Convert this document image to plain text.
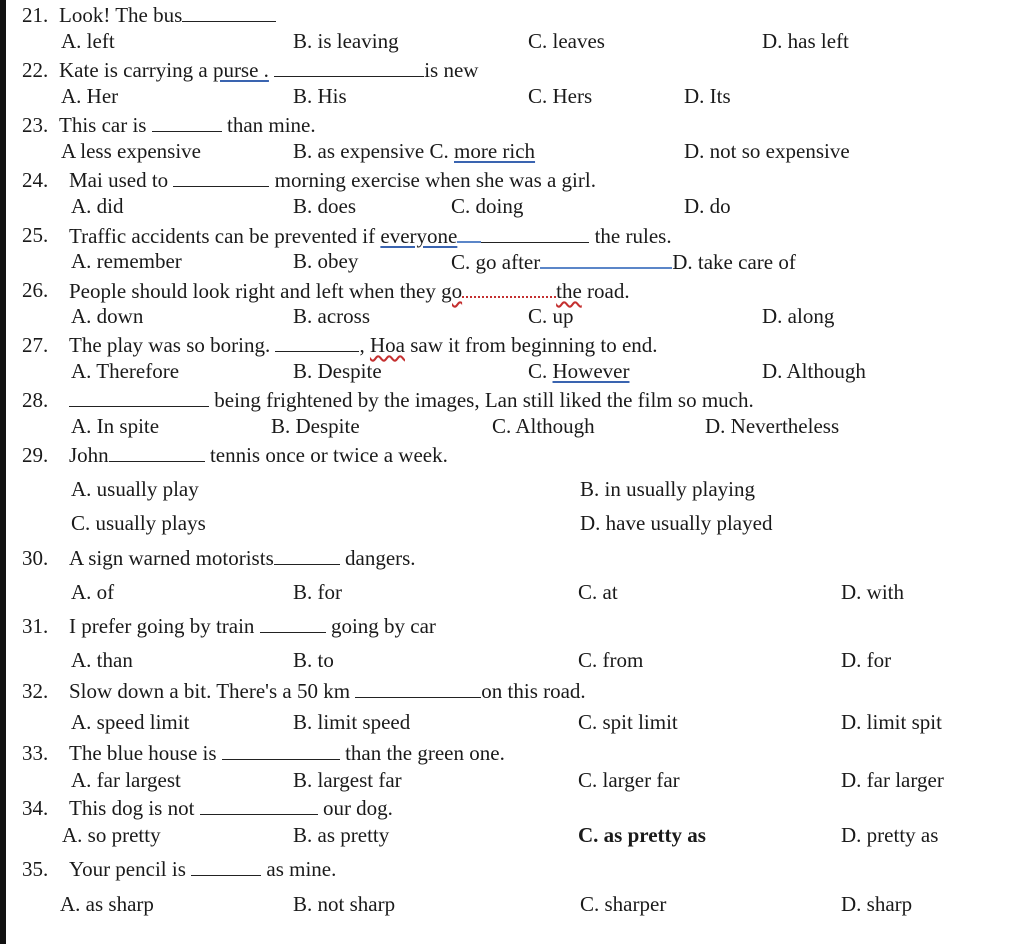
21. Look! The bus
A. left	B. is leaving	C. leaves	D. has left
22. Kate is carrying a purse .	is new
A. Her	B. His	C. Hers	D. Its
23. This car is	than mine.
A less expensive	B. as expensive C. more rich	D. not so expensive
24. Mai used to	morning exercise when she was a girl.
A. did	B. does	C. doing	D. do
25. Traffic accidents can be prevented if everyone	the rules.
A. remember	B. obey	C. go after	D. take care of
26. People should look right and left when they go	the road.
A. down	B. across	C. up	D. along
27. The play was so boring.	, Hoa saw it from beginning to end.
A. Therefore	B. Despite	C. However	D. Although
28.	being frightened by the images, Lan still liked the film so much.
A. In spite	B. Despite	C. Although	D. Nevertheless
29. John	tennis once or twice a week.
A. usually play	B. in usually playing
C. usually plays	D. have usually played
30. A sign warned motorists	dangers.
A. of	B. for	C. at	D. with
31. I prefer going by train	going by car
A. than	B. to	C. from	D. for
32. Slow down a bit. There's a 50 km	on this road.
A. speed limit	B. limit speed	C. spit limit	D. limit spit
33. The blue house is	than the green one.
A. far largest	B. largest far	C. larger far	D. far larger
34. This dog is not	our dog.
A. so pretty	B. as pretty	C. as pretty as	D. pretty as
35. Your pencil is	as mine.
A. as sharp	B. not sharp	C. sharper	D. sharp
